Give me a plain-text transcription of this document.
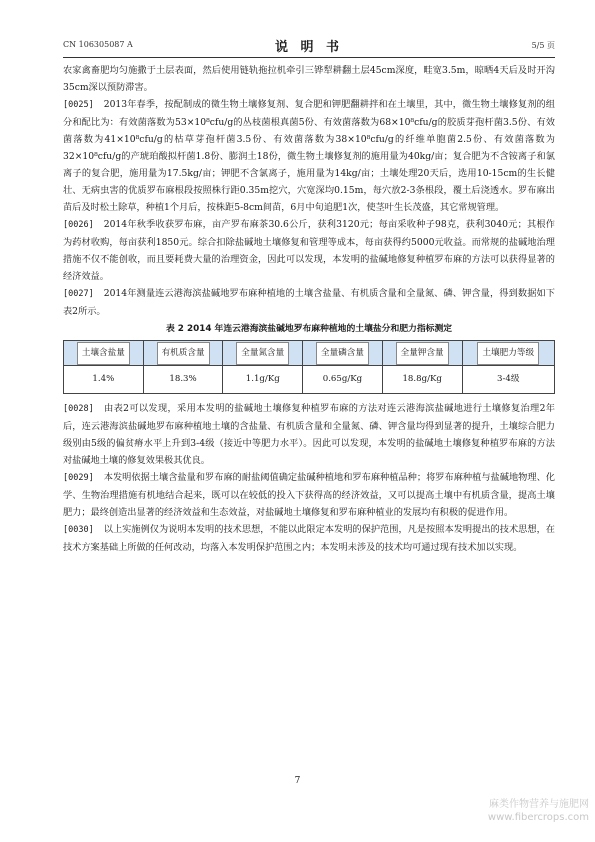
CN 106305087 A	说 明 书	5/5 页

农家禽畜肥均匀施撒于土层表面，然后使用链轨拖拉机牵引三铧犁耕翻土层45cm深度，畦宽3.5m，晾晒4天后及时开沟35cm深以预防滞害。

[0025] 2013年春季，按配制成的微生物土壤修复剂、复合肥和钾肥翻耕拌和在土壤里，其中，微生物土壤修复剂的组分和配比为：有效菌落数为53×10⁸cfu/g的丛枝菌根真菌5份、有效菌落数为68×10⁸cfu/g的胶质芽孢杆菌3.5份、有效菌落数为41×10⁸cfu/g的枯草芽孢杆菌3.5份、有效菌落数为38×10⁸cfu/g的纤维单胞菌2.5份、有效菌落数为32×10⁸cfu/g的产琥珀酸拟杆菌1.8份、膨润土18份，微生物土壤修复剂的施用量为40kg/亩；复合肥为不含铵离子和氯离子的复合肥，施用量为17.5kg/亩；钾肥不含氯离子，施用量为14kg/亩；土壤处理20天后，选用10-15cm的生长健壮、无病虫害的优质罗布麻根段按照株行距0.35m挖穴，穴宽深均0.15m，每穴放2-3条根段，覆土后浇透水。罗布麻出苗后及时松土除草，种植1个月后，按株距5-8cm间苗，6月中旬追肥1次，使茎叶生长茂盛，其它常规管理。

[0026] 2014年秋季收获罗布麻，亩产罗布麻茶30.6公斤，获利3120元；每亩采收种子98克，获利3040元；其根作为药材收购，每亩获利1850元。综合扣除盐碱地土壤修复和管理等成本，每亩获得约5000元收益。而常规的盐碱地治理措施不仅不能创收，而且要耗费大量的治理资金，因此可以发现，本发明的盐碱地修复种植罗布麻的方法可以获得显著的经济效益。

[0027] 2014年测量连云港海滨盐碱地罗布麻种植地的土壤含盐量、有机质含量和全量氮、磷、钾含量，得到数据如下表2所示。

表 2 2014 年连云港海滨盐碱地罗布麻种植地的土壤盐分和肥力指标测定
土壤含盐量	有机质含量	全量氮含量	全量磷含量	全量钾含量	土壤肥力等级
1.4%	18.3%	1.1g/Kg	0.65g/Kg	18.8g/Kg	3-4级

[0028] 由表2可以发现，采用本发明的盐碱地土壤修复种植罗布麻的方法对连云港海滨盐碱地进行土壤修复治理2年后，连云港海滨盐碱地罗布麻种植地土壤的含盐量、有机质含量和全量氮、磷、钾含量均得到显著的提升，土壤综合肥力级别由5级的偏贫瘠水平上升到3-4级（接近中等肥力水平）。因此可以发现，本发明的盐碱地土壤修复种植罗布麻的方法对盐碱地土壤的修复效果极其优良。

[0029] 本发明依据土壤含盐量和罗布麻的耐盐阈值确定盐碱种植地和罗布麻种植品种；将罗布麻种植与盐碱地物理、化学、生物治理措施有机地结合起来，既可以在较低的投入下获得高的经济效益，又可以提高土壤中有机质含量，提高土壤肥力；最终创造出显著的经济效益和生态效益，对盐碱地土壤修复和罗布麻种植业的发展均有积极的促进作用。

[0030] 以上实施例仅为说明本发明的技术思想，不能以此限定本发明的保护范围，凡是按照本发明提出的技术思想，在技术方案基础上所做的任何改动，均落入本发明保护范围之内；本发明未涉及的技术均可通过现有技术加以实现。

7
麻类作物营养与施肥网
www.fibercrops.com
